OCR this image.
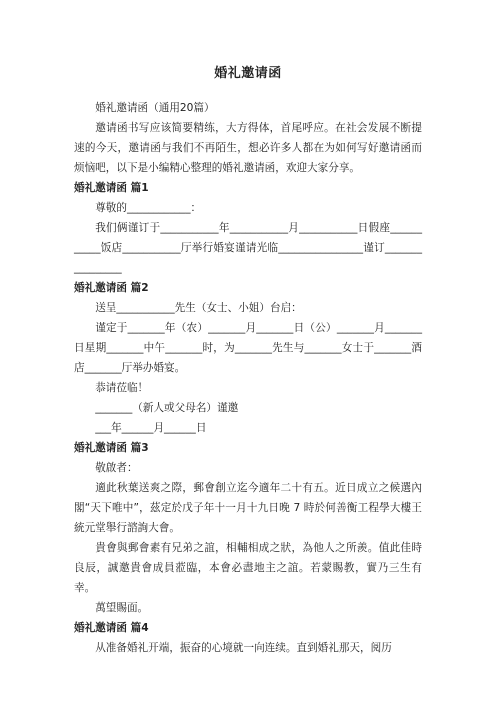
婚礼邀请函
婚礼邀请函（通用20篇）
邀请函书写应该简要精练，大方得体，首尾呼应。在社会发展不断提速的今天，邀请函与我们不再陌生，想必许多人都在为如何写好邀请函而烦恼吧，以下是小编精心整理的婚礼邀请函，欢迎大家分享。
婚礼邀请函 篇1
尊敬的____________：
我们俩谨订于___________年___________月___________日假座___________饭店___________厅举行婚宴谨请光临________________谨订________________
婚礼邀请函 篇2
送呈___________先生（女士、小姐）台启：
谨定于_______年（农）_______月_______日（公）_______月_______日星期_______中午_______时，为_______先生与_______女士于_______酒店_______厅举办婚宴。
恭请莅临！
_______（新人或父母名）谨邀
___年______月______日
婚礼邀请函 篇3
敬啟者：
適此秋葉送爽之際，郵會創立迄今適年二十有五。近日成立之候選內閣“天下唯中”，茲定於戊子年十一月十九日晚 7 時於何善衡工程學大樓王統元堂舉行諮詢大會。
貴會與郵會素有兄弟之誼，相輔相成之狀，為他人之所羨。值此佳時良辰，誠邀貴會成員蒞臨，本會必盡地主之誼。若蒙賜教，實乃三生有幸。
萬望賜面。
婚礼邀请函 篇4
从准备婚礼开端，振奋的心境就一向连续。直到婚礼那天，阅历
